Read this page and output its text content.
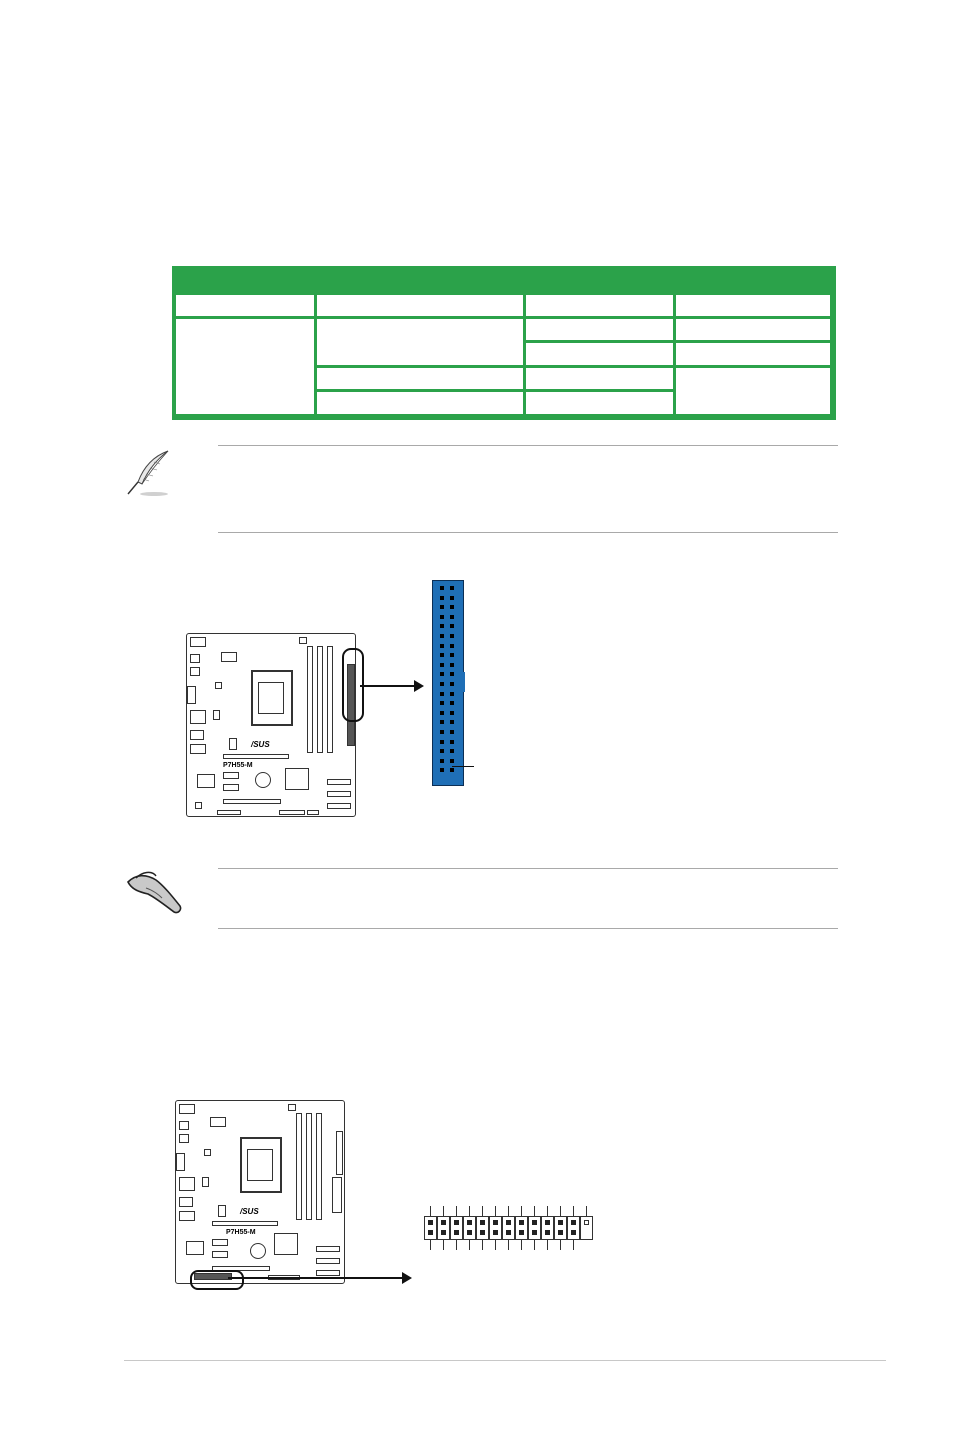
/SUS
P7H55-M
/SUS
P7H55-M
